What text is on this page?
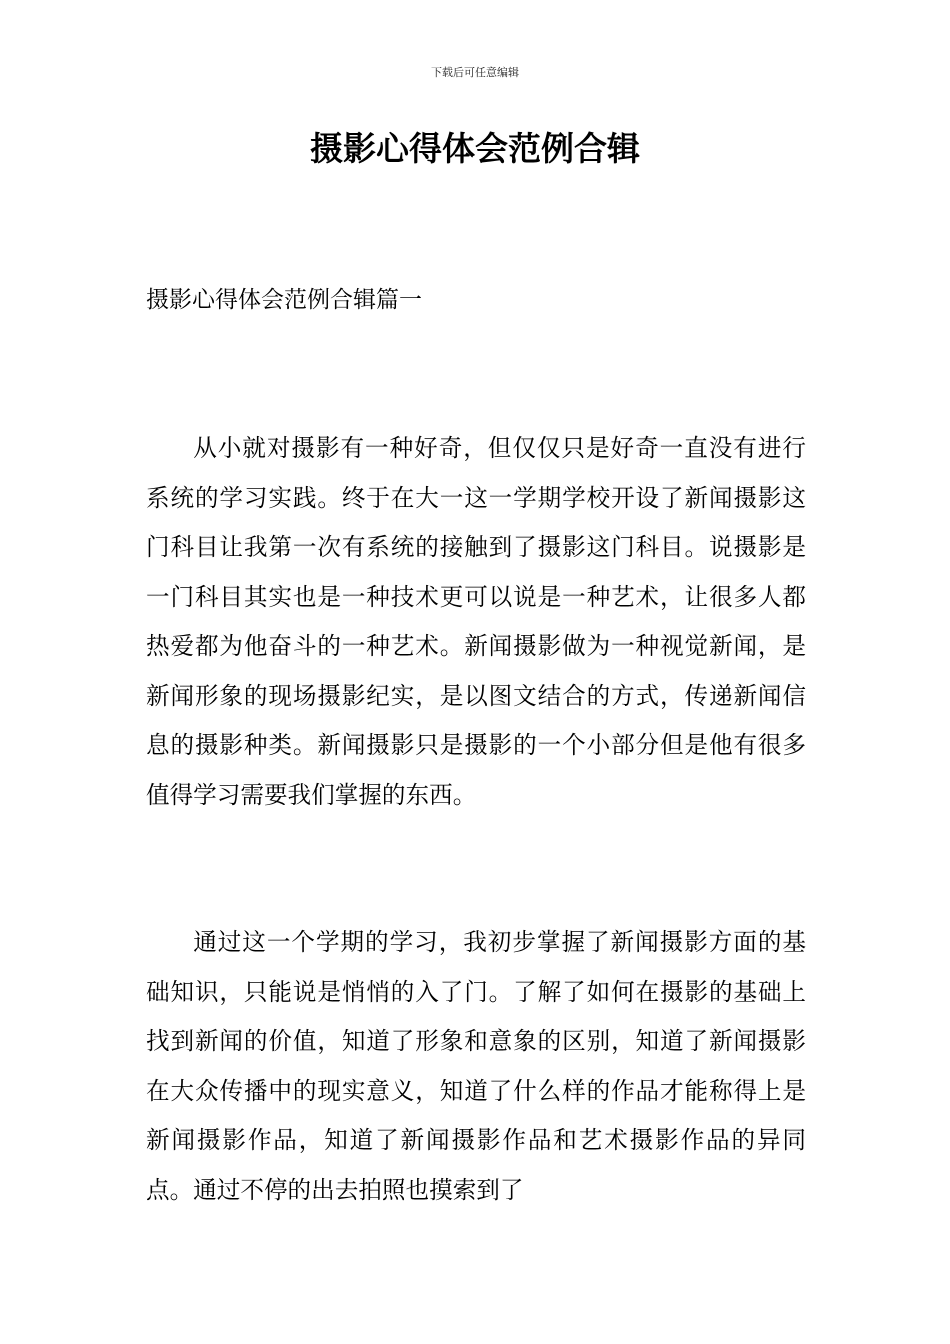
下载后可任意编辑
摄影心得体会范例合辑
摄影心得体会范例合辑篇一

从小就对摄影有一种好奇，但仅仅只是好奇一直没有进行系统的学习实践。终于在大一这一学期学校开设了新闻摄影这门科目让我第一次有系统的接触到了摄影这门科目。说摄影是一门科目其实也是一种技术更可以说是一种艺术，让很多人都热爱都为他奋斗的一种艺术。新闻摄影做为一种视觉新闻，是新闻形象的现场摄影纪实，是以图文结合的方式，传递新闻信息的摄影种类。新闻摄影只是摄影的一个小部分但是他有很多值得学习需要我们掌握的东西。

通过这一个学期的学习，我初步掌握了新闻摄影方面的基础知识，只能说是悄悄的入了门。了解了如何在摄影的基础上找到新闻的价值，知道了形象和意象的区别，知道了新闻摄影在大众传播中的现实意义，知道了什么样的作品才能称得上是新闻摄影作品，知道了新闻摄影作品和艺术摄影作品的异同点。通过不停的出去拍照也摸索到了
